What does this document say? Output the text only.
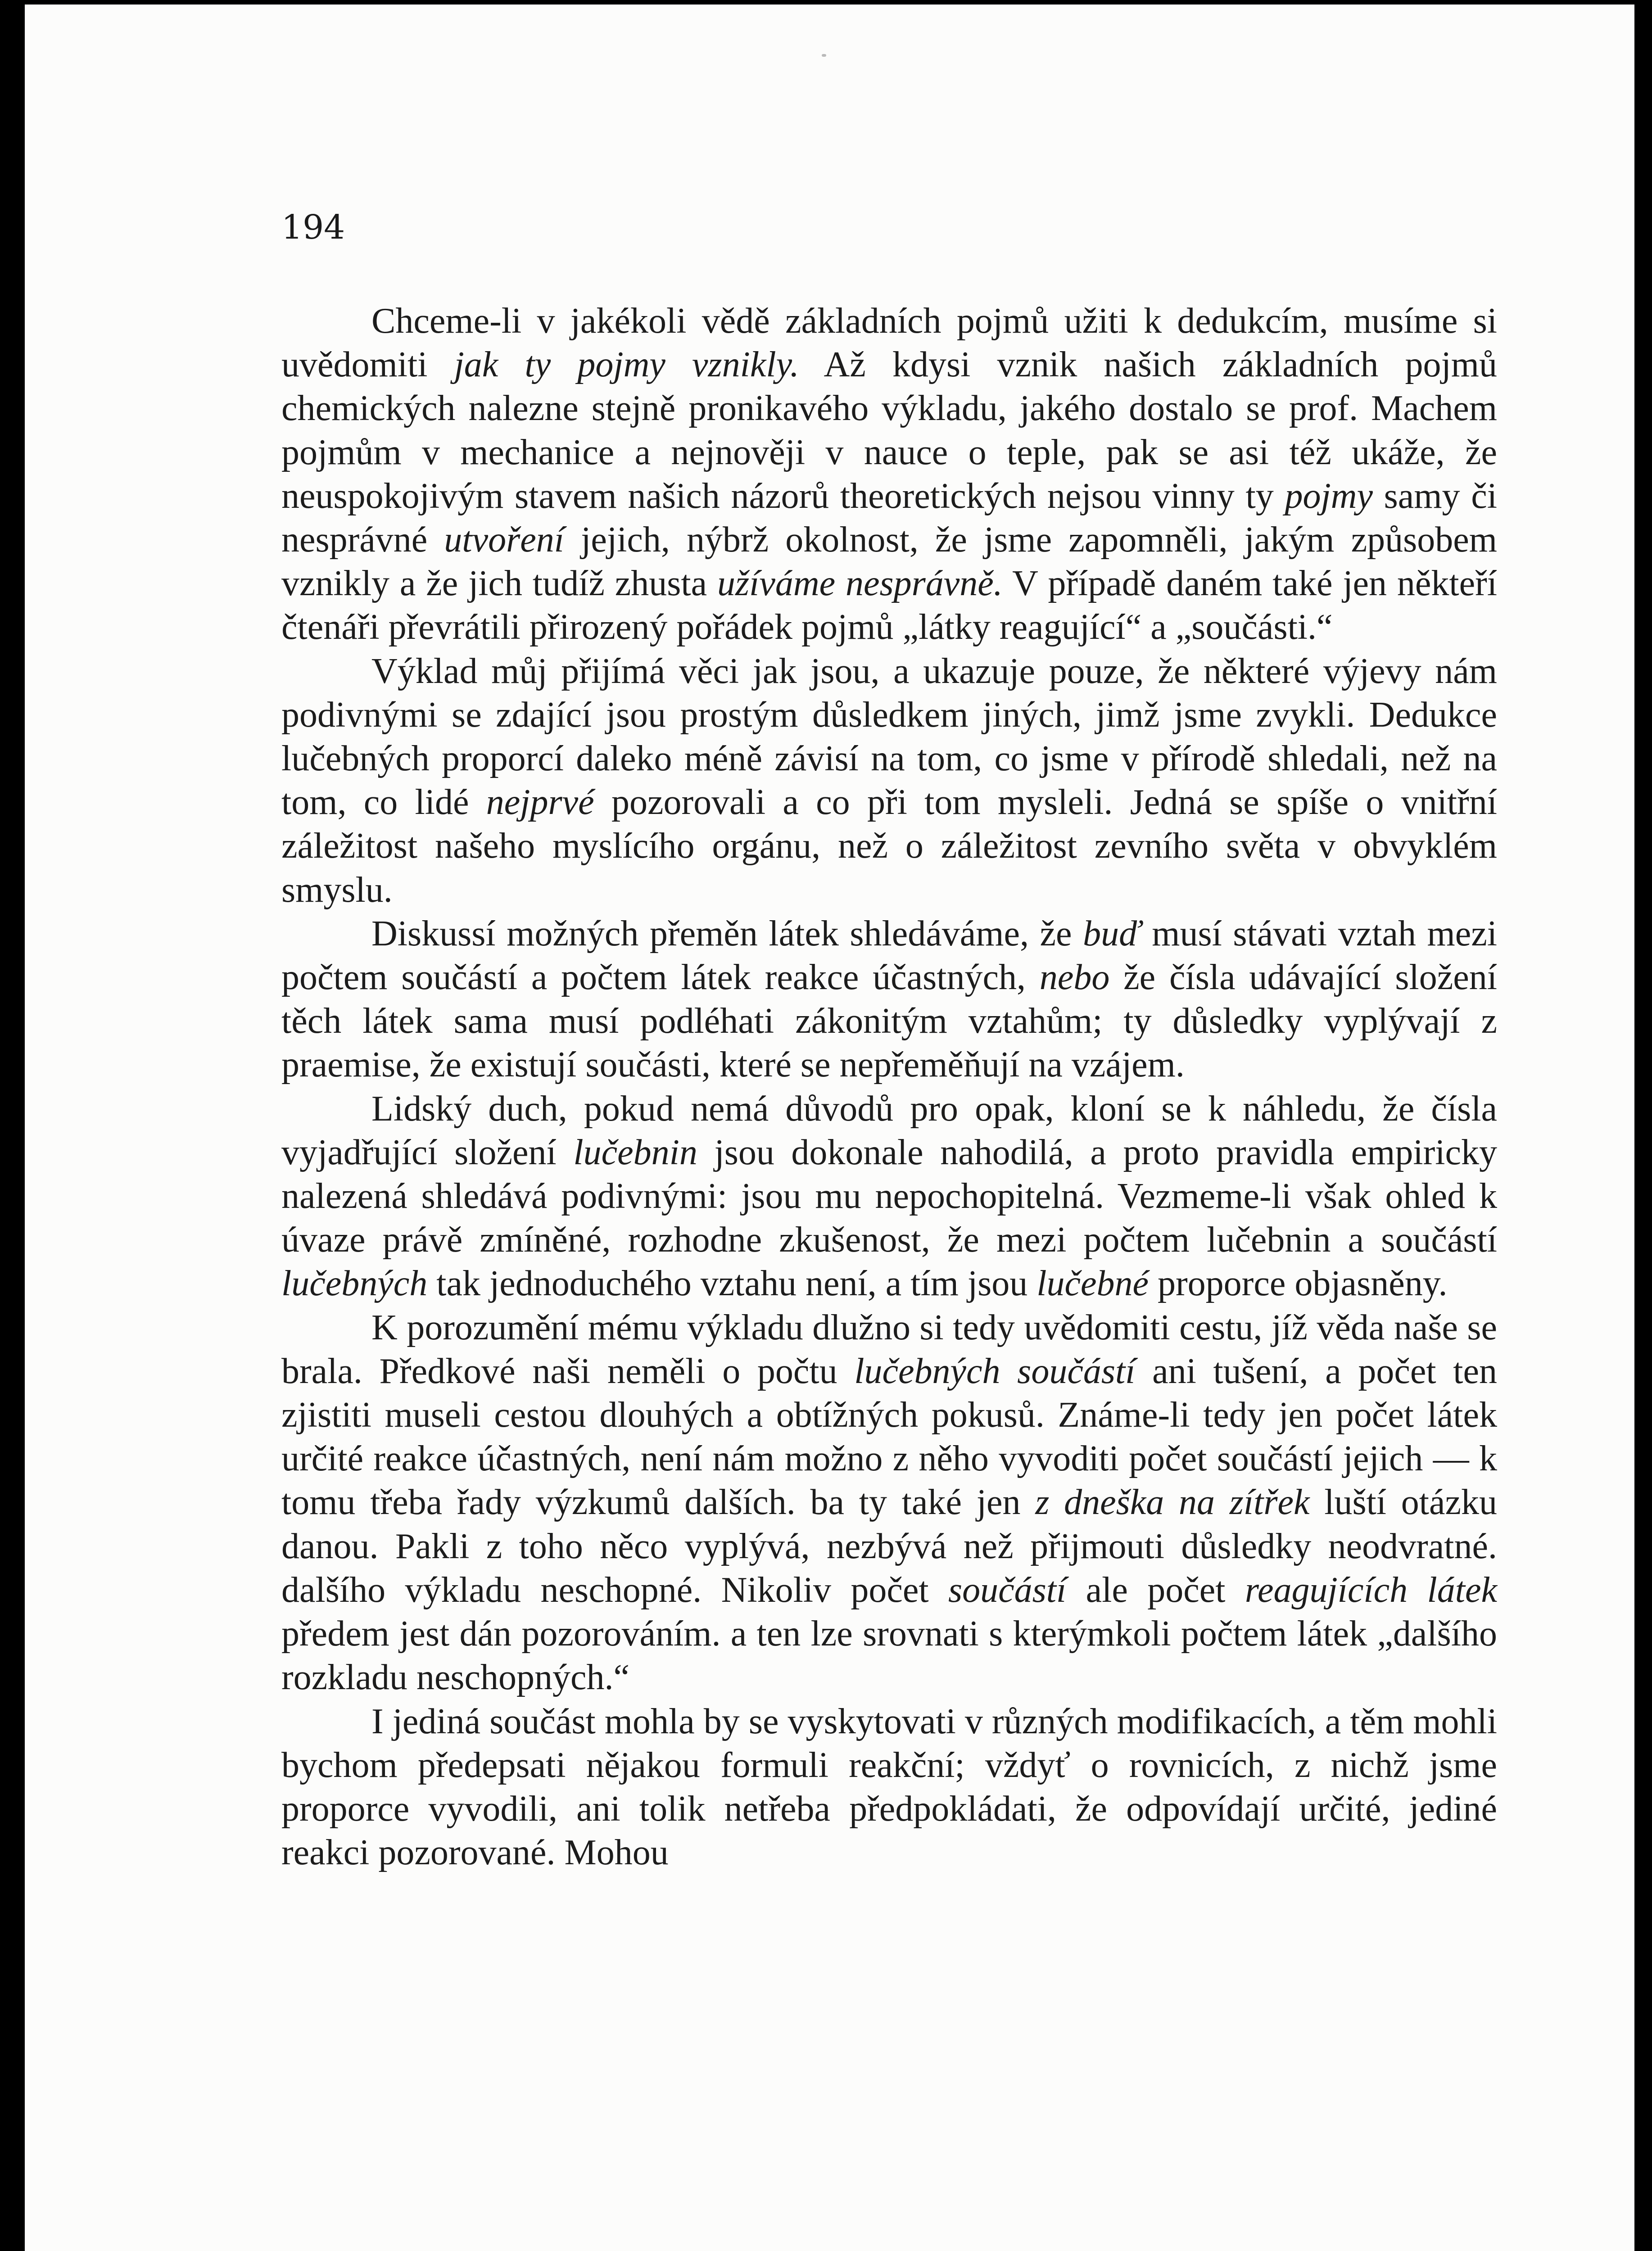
194

Chceme-li v jakékoli vědě základních pojmů užiti k dedukcím, musíme si uvědomiti jak ty pojmy vznikly. Až kdysi vznik našich základních pojmů chemických nalezne stejně pronikavého výkladu, jakého dostalo se prof. Machem pojmům v mechanice a nejnověji v nauce o teple, pak se asi též ukáže, že neuspokojivým stavem našich názorů theoretických nejsou vinny ty pojmy samy či nesprávné utvoření jejich, nýbrž okolnost, že jsme zapomněli, jakým způsobem vznikly a že jich tudíž zhusta užíváme nesprávně. V případě daném také jen někteří čtenáři převrátili přirozený pořádek pojmů „látky reagující“ a „součásti.“

Výklad můj přijímá věci jak jsou, a ukazuje pouze, že některé výjevy nám podivnými se zdající jsou prostým důsledkem jiných, jimž jsme zvykli. Dedukce lučebných proporcí daleko méně závisí na tom, co jsme v přírodě shledali, než na tom, co lidé nejprvé pozorovali a co při tom mysleli. Jedná se spíše o vnitřní záležitost našeho myslícího orgánu, než o záležitost zevního světa v obvyklém smyslu.

Diskussí možných přeměn látek shledáváme, že buď musí stávati vztah mezi počtem součástí a počtem látek reakce účastných, nebo že čísla udávající složení těch látek sama musí podléhati zákonitým vztahům; ty důsledky vyplývají z praemise, že existují součásti, které se nepřeměňují na vzájem.

Lidský duch, pokud nemá důvodů pro opak, kloní se k náhledu, že čísla vyjadřující složení lučebnin jsou dokonale nahodilá, a proto pravidla empiricky nalezená shledává podivnými: jsou mu nepochopitelná. Vezmeme-li však ohled k úvaze právě zmíněné, rozhodne zkušenost, že mezi počtem lučebnin a součástí lučebných tak jednoduchého vztahu není, a tím jsou lučebné proporce objasněny.

K porozumění mému výkladu dlužno si tedy uvědomiti cestu, jíž věda naše se brala. Předkové naši neměli o počtu lučebných součástí ani tušení, a počet ten zjistiti museli cestou dlouhých a obtížných pokusů. Známe-li tedy jen počet látek určité reakce účastných, není nám možno z něho vyvoditi počet součástí jejich — k tomu třeba řady výzkumů dalších. ba ty také jen z dneška na zítřek luští otázku danou. Pakli z toho něco vyplývá, nezbývá než přijmouti důsledky neodvratné. dalšího výkladu neschopné. Nikoliv počet součástí ale počet reagujících látek předem jest dán pozorováním. a ten lze srovnati s kterýmkoli počtem látek „dalšího rozkladu neschopných.“

I jediná součást mohla by se vyskytovati v různých modifikacích, a těm mohli bychom předepsati nějakou formuli reakční; vždyť o rovnicích, z nichž jsme proporce vyvodili, ani tolik netřeba předpokládati, že odpovídají určité, jediné reakci pozorované. Mohou
